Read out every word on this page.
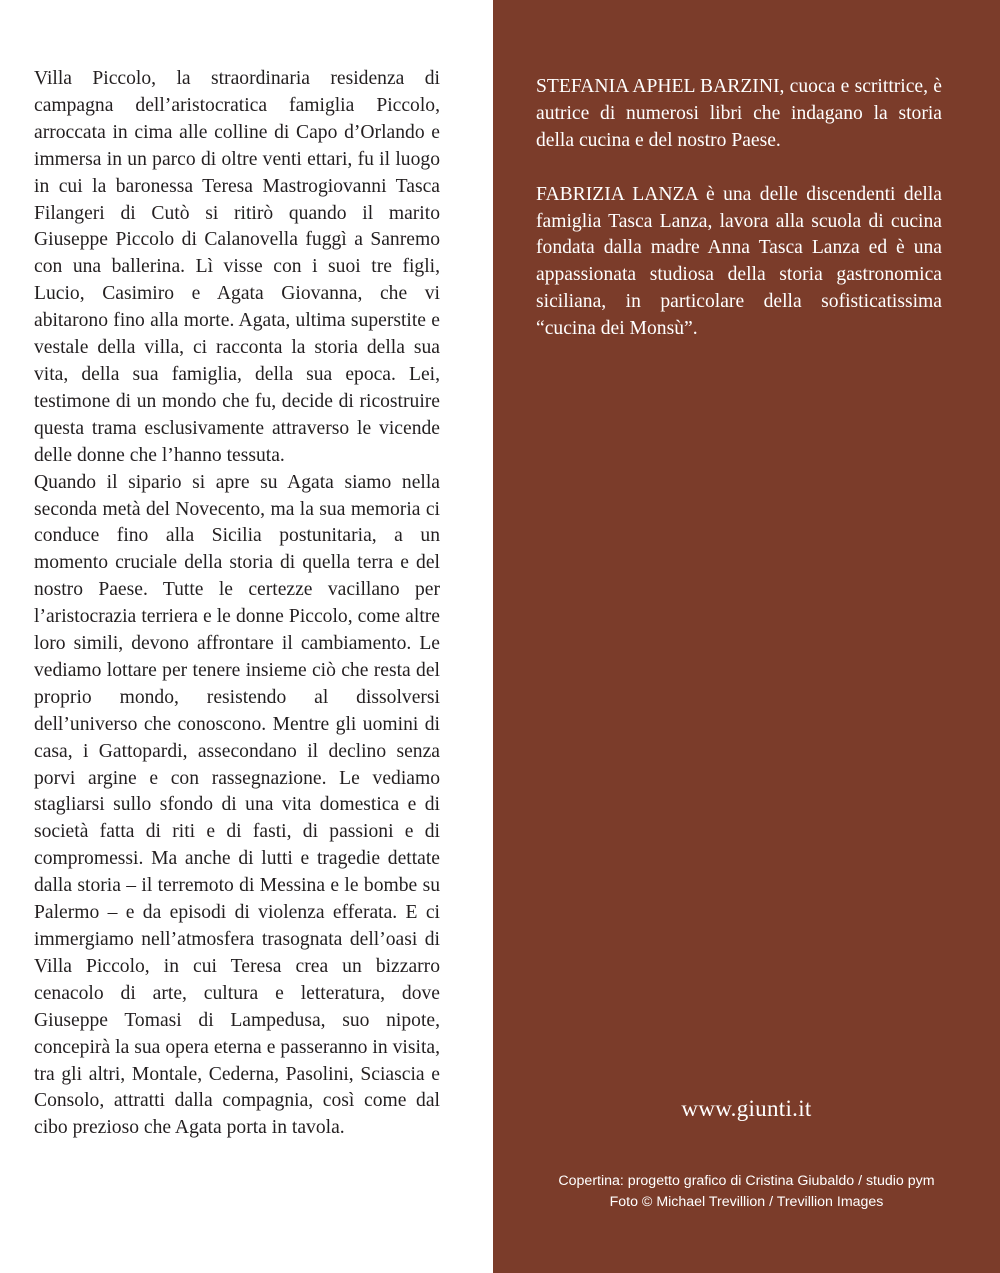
Villa Piccolo, la straordinaria residenza di campagna dell’aristocratica famiglia Piccolo, arroccata in cima alle colline di Capo d’Orlando e immersa in un parco di oltre venti ettari, fu il luogo in cui la baronessa Teresa Mastrogiovanni Tasca Filangeri di Cutò si ritirò quando il marito Giuseppe Piccolo di Calanovella fuggì a Sanremo con una ballerina. Lì visse con i suoi tre figli, Lucio, Casimiro e Agata Giovanna, che vi abitarono fino alla morte. Agata, ultima superstite e vestale della villa, ci racconta la storia della sua vita, della sua famiglia, della sua epoca. Lei, testimone di un mondo che fu, decide di ricostruire questa trama esclusivamente attraverso le vicende delle donne che l’hanno tessuta.

Quando il sipario si apre su Agata siamo nella seconda metà del Novecento, ma la sua memoria ci conduce fino alla Sicilia postunitaria, a un momento cruciale della storia di quella terra e del nostro Paese. Tutte le certezze vacillano per l’aristocrazia terriera e le donne Piccolo, come altre loro simili, devono affrontare il cambiamento. Le vediamo lottare per tenere insieme ciò che resta del proprio mondo, resistendo al dissolversi dell’universo che conoscono. Mentre gli uomini di casa, i Gattopardi, assecondano il declino senza porvi argine e con rassegnazione. Le vediamo stagliarsi sullo sfondo di una vita domestica e di società fatta di riti e di fasti, di passioni e di compromessi. Ma anche di lutti e tragedie dettate dalla storia – il terremoto di Messina e le bombe su Palermo – e da episodi di violenza efferata. E ci immergiamo nell’atmosfera trasognata dell’oasi di Villa Piccolo, in cui Teresa crea un bizzarro cenacolo di arte, cultura e letteratura, dove Giuseppe Tomasi di Lampedusa, suo nipote, concepirà la sua opera eterna e passeranno in visita, tra gli altri, Montale, Cederna, Pasolini, Sciascia e Consolo, attratti dalla compagnia, così come dal cibo prezioso che Agata porta in tavola.

STEFANIA APHEL BARZINI, cuoca e scrittrice, è autrice di numerosi libri che indagano la storia della cucina e del nostro Paese.

FABRIZIA LANZA è una delle discendenti della famiglia Tasca Lanza, lavora alla scuola di cucina fondata dalla madre Anna Tasca Lanza ed è una appassionata studiosa della storia gastronomica siciliana, in particolare della sofisticatissima “cucina dei Monsù”.

www.giunti.it
Copertina: progetto grafico di Cristina Giubaldo / studio pym
Foto © Michael Trevillion / Trevillion Images
